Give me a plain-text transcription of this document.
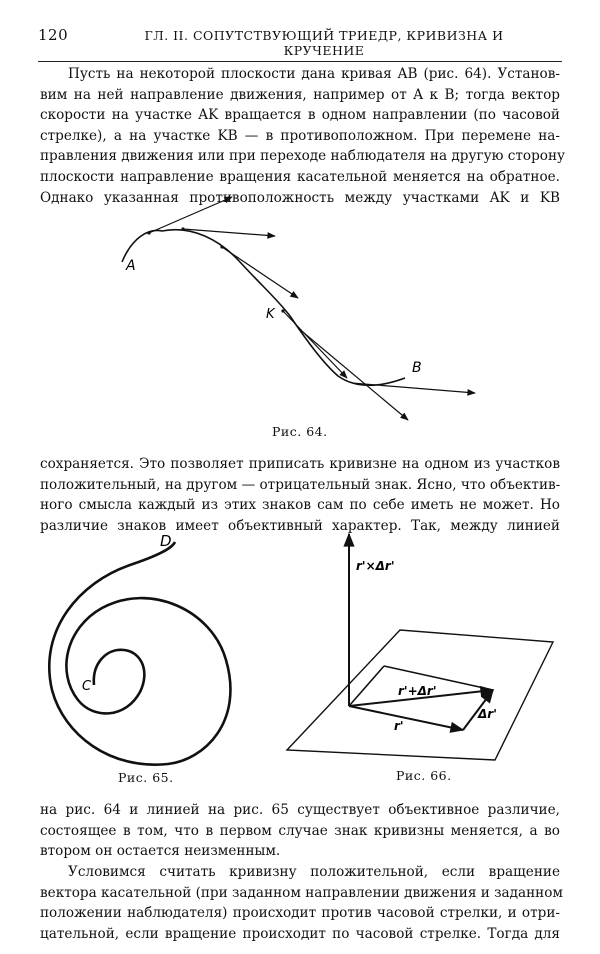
120	ГЛ. II. СОПУТСТВУЮЩИЙ ТРИЕДР, КРИВИЗНА И КРУЧЕНИЕ

Пусть на некоторой плоскости дана кривая AB (рис. 64). Установ-
вим на ней направление движения, например от A к B; тогда вектор
скорости на участке AK вращается в одном направлении (по часовой
стрелке), а на участке KB — в противоположном. При перемене на-
правления движения или при переходе наблюдателя на другую сторону
плоскости направление вращения касательной меняется на обратное.
Однако указанная противоположность между участками AK и KB

A
K
B
Рис. 64.

сохраняется. Это позволяет приписать кривизне на одном из участков
положительный, на другом — отрицательный знак. Ясно, что объектив-
ного смысла каждый из этих знаков сам по себе иметь не может. Но
различие знаков имеет объективный характер. Так, между линией

C
D
Рис. 65.
r'×Δr'
r'+Δr'
r'
Δr'
Рис. 66.

на рис. 64 и линией на рис. 65 существует объективное различие,
состоящее в том, что в первом случае знак кривизны меняется, а во
втором он остается неизменным.

Условимся считать кривизну положительной, если вращение
вектора касательной (при заданном направлении движения и заданном
положении наблюдателя) происходит против часовой стрелки, и отри-
цательной, если вращение происходит по часовой стрелке. Тогда для
